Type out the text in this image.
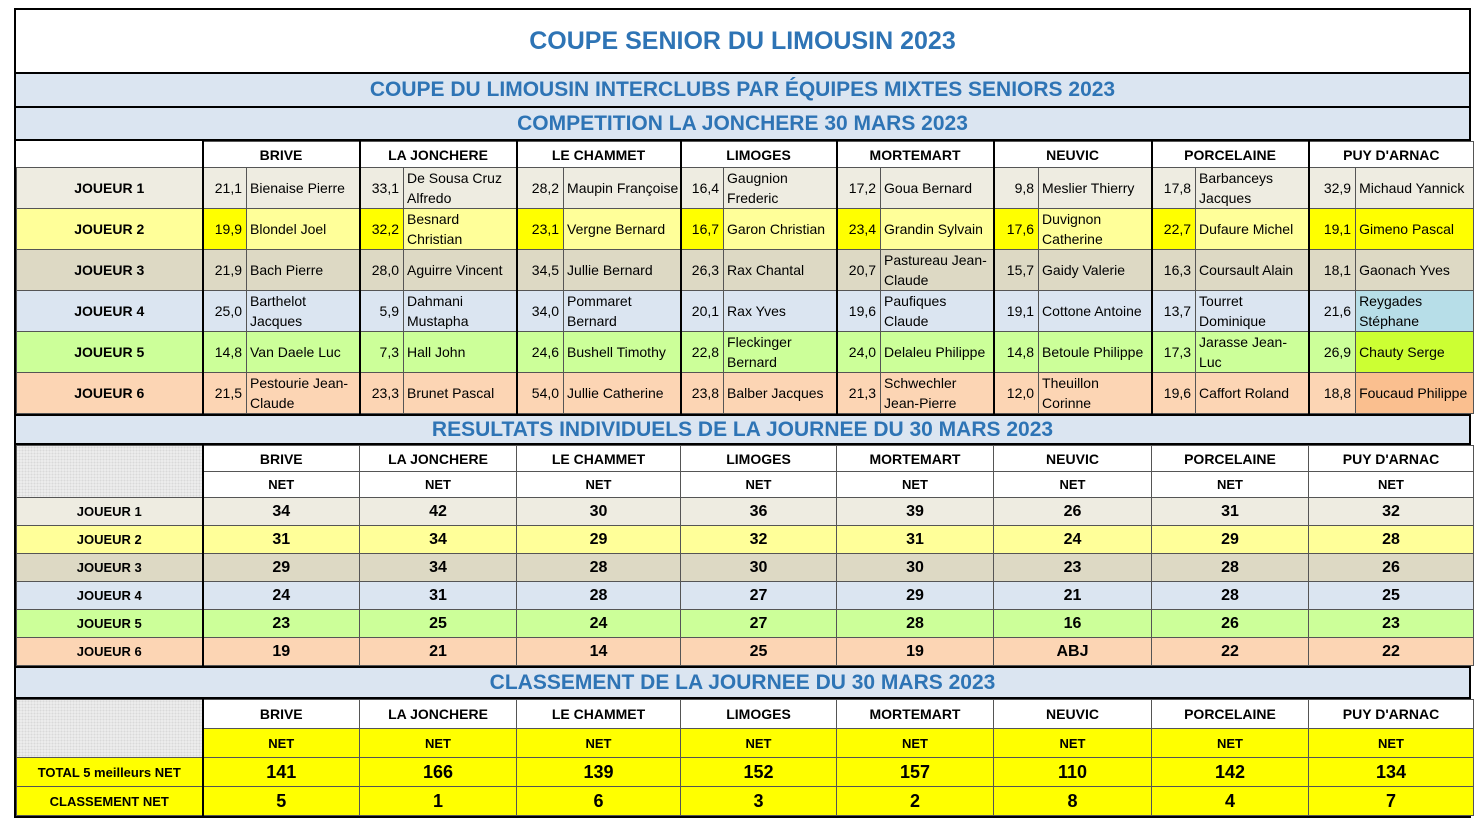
COUPE SENIOR DU LIMOUSIN 2023
COUPE DU LIMOUSIN INTERCLUBS PAR ÉQUIPES MIXTES SENIORS 2023
COMPETITION LA JONCHERE 30 MARS 2023
	BRIVE		LA JONCHERE		LE CHAMMET		LIMOGES		MORTEMART		NEUVIC		PORCELAINE		PUY D'ARNAC	
JOUEUR 1	21,1	Bienaise Pierre	33,1	De Sousa Cruz Alfredo	28,2	Maupin Françoise	16,4	Gaugnion Frederic	17,2	Goua Bernard	9,8	Meslier Thierry	17,8	Barbanceys Jacques	32,9	Michaud Yannick
JOUEUR 2	19,9	Blondel Joel	32,2	Besnard Christian	23,1	Vergne Bernard	16,7	Garon Christian	23,4	Grandin Sylvain	17,6	Duvignon Catherine	22,7	Dufaure Michel	19,1	Gimeno Pascal
JOUEUR 3	21,9	Bach Pierre	28,0	Aguirre Vincent	34,5	Jullie Bernard	26,3	Rax Chantal	20,7	Pastureau Jean-Claude	15,7	Gaidy Valerie	16,3	Coursault Alain	18,1	Gaonach Yves
JOUEUR 4	25,0	Barthelot Jacques	5,9	Dahmani Mustapha	34,0	Pommaret Bernard	20,1	Rax Yves	19,6	Paufiques Claude	19,1	Cottone Antoine	13,7	Tourret Dominique	21,6	Reygades Stéphane
JOUEUR 5	14,8	Van Daele Luc	7,3	Hall John	24,6	Bushell Timothy	22,8	Fleckinger Bernard	24,0	Delaleu Philippe	14,8	Betoule Philippe	17,3	Jarasse Jean-Luc	26,9	Chauty Serge
JOUEUR 6	21,5	Pestourie Jean-Claude	23,3	Brunet Pascal	54,0	Jullie Catherine	23,8	Balber Jacques	21,3	Schwechler Jean-Pierre	12,0	Theuillon Corinne	19,6	Caffort Roland	18,8	Foucaud Philippe
RESULTATS INDIVIDUELS DE LA JOURNEE DU 30 MARS 2023
	BRIVE	LA JONCHERE	LE CHAMMET	LIMOGES	MORTEMART	NEUVIC	PORCELAINE	PUY D'ARNAC
	NET	NET	NET	NET	NET	NET	NET	NET
JOUEUR 1	34	42	30	36	39	26	31	32
JOUEUR 2	31	34	29	32	31	24	29	28
JOUEUR 3	29	34	28	30	30	23	28	26
JOUEUR 4	24	31	28	27	29	21	28	25
JOUEUR 5	23	25	24	27	28	16	26	23
JOUEUR 6	19	21	14	25	19	ABJ	22	22
CLASSEMENT DE LA JOURNEE DU 30 MARS 2023
	BRIVE	LA JONCHERE	LE CHAMMET	LIMOGES	MORTEMART	NEUVIC	PORCELAINE	PUY D'ARNAC
	NET	NET	NET	NET	NET	NET	NET	NET
TOTAL 5 meilleurs NET	141	166	139	152	157	110	142	134
CLASSEMENT NET	5	1	6	3	2	8	4	7
